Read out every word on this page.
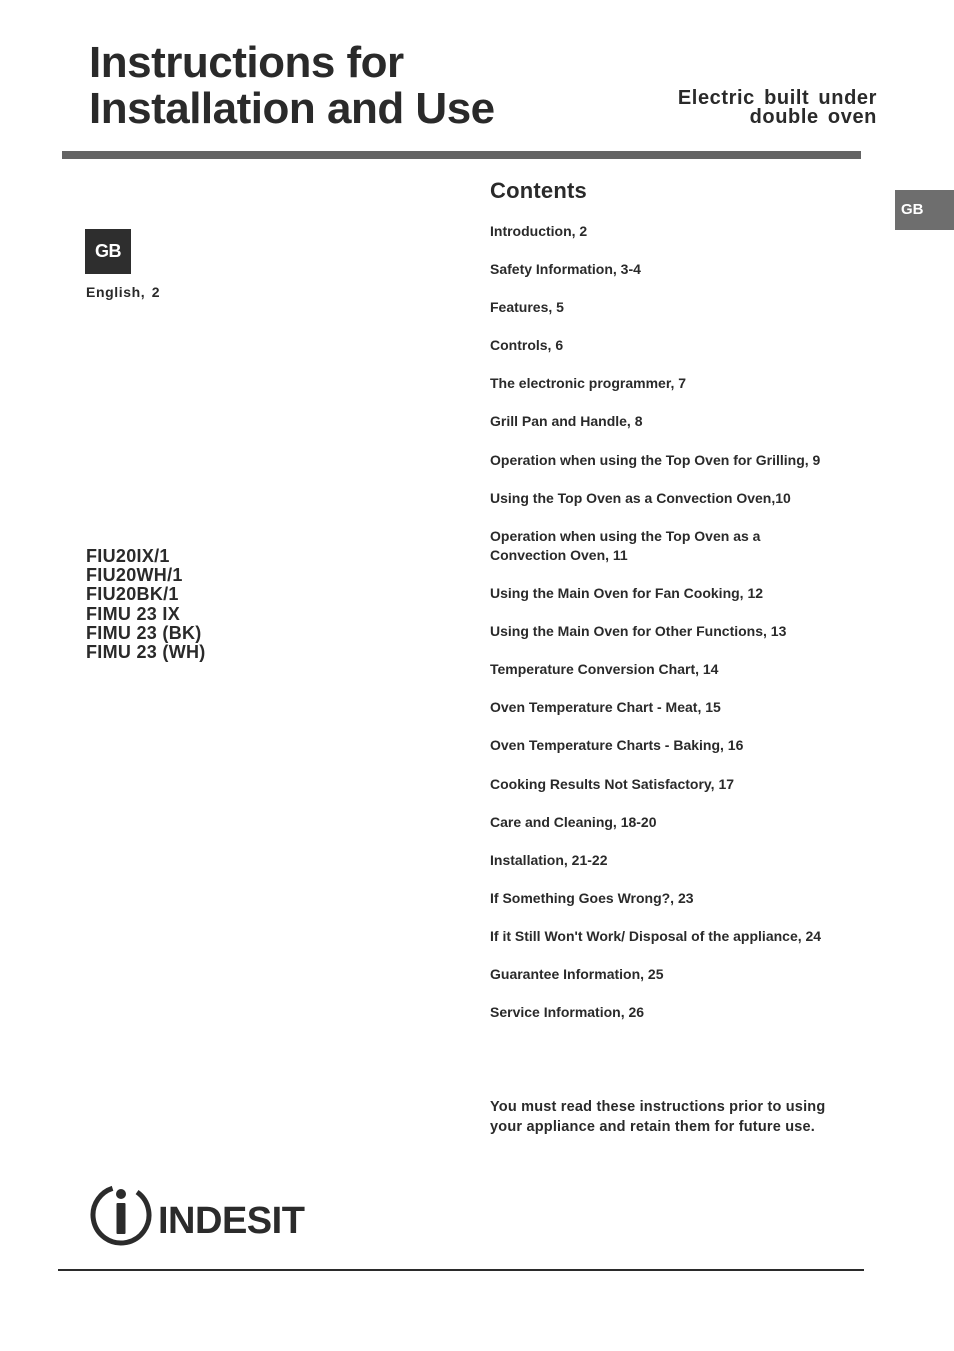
Instructions for
Installation and Use	Electric built under
double oven
GB
GB
English, 2
FIU20IX/1
FIU20WH/1
FIU20BK/1
FIMU 23 IX
FIMU 23 (BK)
FIMU 23 (WH)
Contents
Introduction, 2
Safety Information, 3-4
Features, 5
Controls, 6
The electronic programmer, 7
Grill Pan and Handle, 8
Operation when using the Top Oven for Grilling, 9
Using the Top Oven as a Convection Oven,10
Operation when using the Top Oven as a Convection Oven, 11
Using the Main Oven for Fan Cooking, 12
Using the Main Oven for Other Functions, 13
Temperature Conversion Chart, 14
Oven Temperature Chart - Meat, 15
Oven Temperature Charts - Baking, 16
Cooking Results Not Satisfactory, 17
Care and Cleaning, 18-20
Installation, 21-22
If Something Goes Wrong?, 23
If it Still Won't Work/ Disposal of the appliance, 24
Guarantee Information, 25
Service Information, 26

You must read these instructions prior to using your appliance and retain them for future use.

INDESIT
